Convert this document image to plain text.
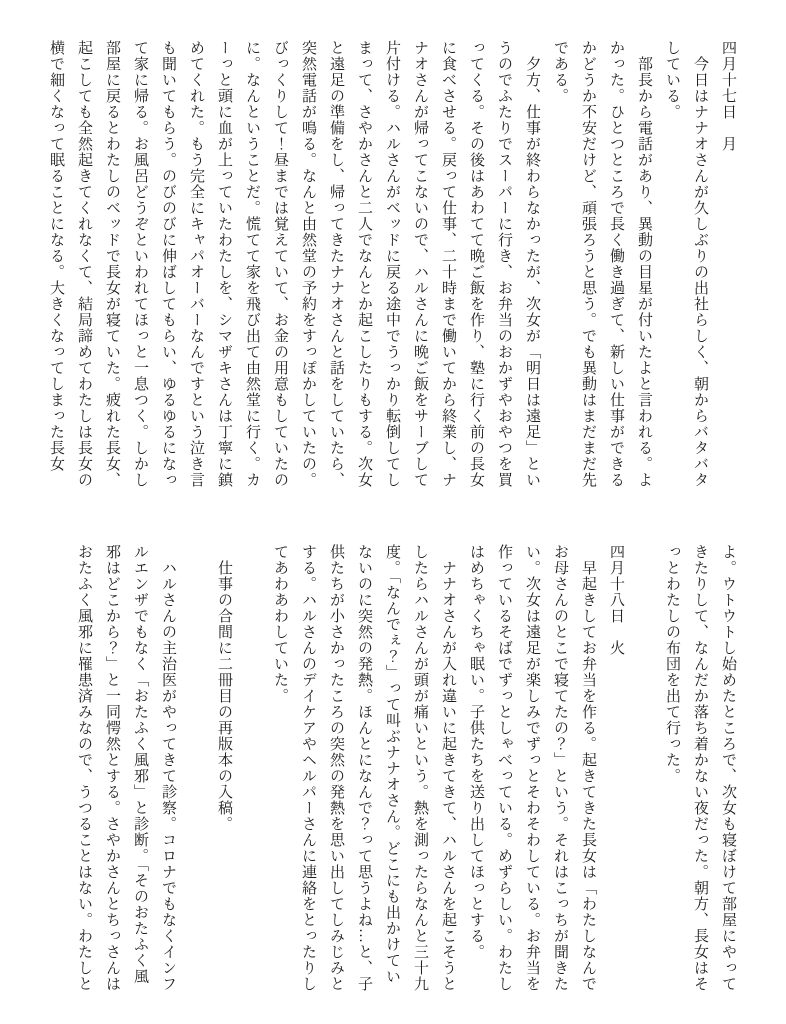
四月十七日　月

　今日はナナオさんが久しぶりの出社らしく、朝からバタバタしている。

　部長から電話があり、異動の目星が付いたよと言われる。よかった。ひとつところで長く働き過ぎて、新しい仕事ができるかどうか不安だけど、頑張ろうと思う。でも異動はまだまだ先である。

　夕方、仕事が終わらなかったが、次女が「明日は遠足」というのでふたりでスーパーに行き、お弁当のおかずやおやつを買ってくる。その後はあわてて晩ご飯を作り、塾に行く前の長女に食べさせる。戻って仕事、二十時まで働いてから終業し、ナナオさんが帰ってこないので、ハルさんに晩ご飯をサーブして片付ける。ハルさんがベッドに戻る途中でうっかり転倒してしまって、さやかさんと二人でなんとか起こしたりもする。次女と遠足の準備をし、帰ってきたナナオさんと話をしていたら、突然電話が鳴る。なんと由然堂の予約をすっぽかしていたの。びっくりして！昼までは覚えていて、お金の用意もしていたのに。なんということだ。慌てて家を飛び出て由然堂に行く。カーっと頭に血が上っていたわたしを、シマザキさんは丁寧に鎮めてくれた。もう完全にキャパオーバーなんですという泣き言も聞いてもらう。のびのびに伸ばしてもらい、ゆるゆるになって家に帰る。お風呂どうぞといわれてほっと一息つく。しかし部屋に戻るとわたしのベッドで長女が寝ていた。疲れた長女、起こしても全然起きてくれなくて、結局諦めてわたしは長女の横で細くなって眠ることになる。大きくなってしまった長女

よ。ウトウトし始めたところで、次女も寝ぼけて部屋にやってきたりして、なんだか落ち着かない夜だった。朝方、長女はそっとわたしの布団を出て行った。

四月十八日　火

　早起きしてお弁当を作る。起きてきた長女は「わたしなんでお母さんのとこで寝てたの？」という。それはこっちが聞きたい。次女は遠足が楽しみでずっとそわそわしている。お弁当を作っているそばでずっとしゃべっている。めずらしい。わたしはめちゃくちゃ眠い。子供たちを送り出してほっとする。

　ナナオさんが入れ違いに起きてきて、ハルさんを起こそうとしたらハルさんが頭が痛いという。熱を測ったらなんと三十九度。「なんでぇ？」って叫ぶナナオさん。どこにも出かけていないのに突然の発熱。ほんとになんで？って思うよね…と、子供たちが小さかったころの突然の発熱を思い出してしみじみとする。ハルさんのデイケアやヘルパーさんに連絡をとったりしてあわあわしていた。

　仕事の合間に二冊目の再版本の入稿。

　ハルさんの主治医がやってきて診察。コロナでもなくインフルエンザでもなく「おたふく風邪」と診断。「そのおたふく風邪はどこから？」と一同愕然とする。さやかさんとちっさんはおたふく風邪に罹患済みなので、うつることはない。わたしと
